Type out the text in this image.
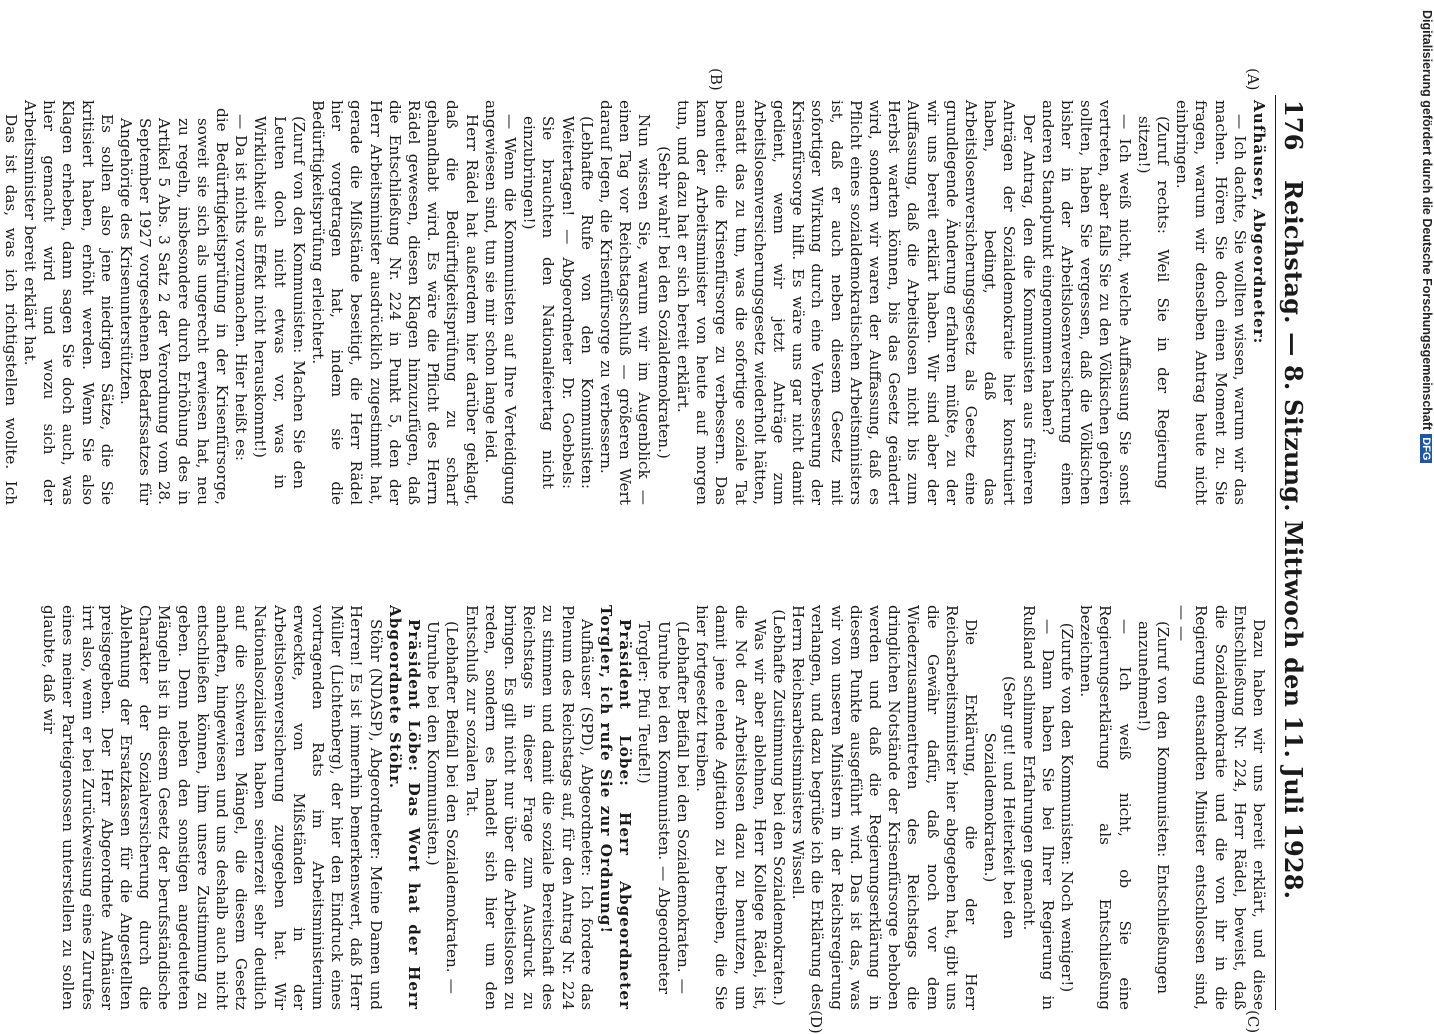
176
Reichstag. — 8. Sitzung. Mittwoch den 11. Juli 1928.
(A)
(B)
(C)
(D)

Aufhäuser, Abgeordneter:

— Ich dachte, Sie wollten wissen, warum wir das machen. Hören Sie doch einen Moment zu. Sie fragen, warum wir denselben Antrag heute nicht einbringen.

(Zuruf rechts: Weil Sie in der Regierung sitzen!)

— Ich weiß nicht, welche Auffassung Sie sonst vertreten, aber falls Sie zu den Völkischen gehören sollten, haben Sie vergessen, daß die Völkischen bisher in der Arbeitslosenversicherung einen anderen Standpunkt eingenommen haben?

Der Antrag, den die Kommunisten aus früheren Anträgen der Sozialdemokratie hier konstruiert haben, bedingt, daß das Arbeitslosenversicherungsgesetz als Gesetz eine grundlegende Änderung erfahren müßte, zu der wir uns bereit erklärt haben. Wir sind aber der Auffassung, daß die Arbeitslosen nicht bis zum Herbst warten können, bis das Gesetz geändert wird, sondern wir waren der Auffassung, daß es Pflicht eines sozialdemokratischen Arbeitsministers ist, daß er auch neben diesem Gesetz mit sofortiger Wirkung durch eine Verbesserung der Krisenfürsorge hilft. Es wäre uns gar nicht damit gedient, wenn wir jetzt Anträge zum Arbeitslosenversicherungsgesetz wiederholt hätten, anstatt das zu tun, was die sofortige soziale Tat bedeutet: die Krisenfürsorge zu verbessern. Das kann der Arbeitsminister von heute auf morgen tun, und dazu hat er sich bereit erklärt.

(Sehr wahr! bei den Sozialdemokraten.)

Nun wissen Sie, warum wir im Augenblick — einen Tag vor Reichstagsschluß — größeren Wert darauf legen, die Krisenfürsorge zu verbessern.

(Lebhafte Rufe von den Kommunisten: Weitertagen! — Abgeordneter Dr. Goebbels: Sie brauchten den Nationalfeiertag nicht einzubringen!)

— Wenn die Kommunisten auf Ihre Verteidigung angewiesen sind, tun sie mir schon lange leid.

Herr Rädel hat außerdem hier darüber geklagt, daß die Bedürftigkeitsprüfung zu scharf gehandhabt wird. Es wäre die Pflicht des Herrn Rädel gewesen, diesen Klagen hinzuzufügen, daß die Entschließung Nr. 224 in Punkt 5, den der Herr Arbeitsminister ausdrücklich zugestimmt hat, gerade die Mißstände beseitigt, die Herr Rädel hier vorgetragen hat, indem sie die Bedürftigkeitsprüfung erleichtert.

(Zuruf von den Kommunisten: Machen Sie den Leuten doch nicht etwas vor, was in Wirklichkeit als Effekt nicht herauskommt!)

— Da ist nichts vorzumachen. Hier heißt es:

die Bedürftigkeitsprüfung in der Krisenfürsorge, soweit sie sich als ungerecht erwiesen hat, neu zu regeln, insbesondere durch Erhöhung des in Artikel 5 Abs. 3 Satz 2 der Verordnung vom 28. September 1927 vorgesehenen Bedarfssatzes für Angehörige des Krisenunterstützten.

Es sollen also jene niedrigen Sätze, die Sie kritisiert haben, erhöht werden. Wenn Sie also Klagen erheben, dann sagen Sie doch auch, was hier gemacht wird und wozu sich der Arbeitsminister bereit erklärt hat.

Das ist das, was ich richtigstellen wollte. Ich

Dazu haben wir uns bereit erklärt, und diese Entschließung Nr. 224, Herr Rädel, beweist, daß die Sozialdemokratie und die von ihr in die Regierung entsandten Minister entschlossen sind, — —

(Zuruf von den Kommunisten: Entschließungen anzunehmen!)

— Ich weiß nicht, ob Sie eine Regierungserklärung als Entschließung bezeichnen.

(Zurufe von den Kommunisten: Noch weniger!)

— Dann haben Sie bei Ihrer Regierung in Rußland schlimme Erfahrungen gemacht.

(Sehr gut! und Heiterkeit bei den Sozialdemokraten.)

Die Erklärung, die der Herr Reichsarbeitsminister hier abgegeben hat, gibt uns die Gewähr dafür, daß noch vor dem Wiederzusammentreten des Reichstags die dringlichen Notstände der Krisenfürsorge behoben werden und daß die Regierungserklärung in diesem Punkte ausgeführt wird. Das ist das, was wir von unseren Ministern in der Reichsregierung verlangen, und dazu begrüße ich die Erklärung des Herrn Reichsarbeitsministers Wissell.

(Lebhafte Zustimmung bei den Sozialdemokraten.)

Was wir aber ablehnen, Herr Kollege Rädel, ist, die Not der Arbeitslosen dazu zu benutzen, um damit jene elende Agitation zu betreiben, die Sie hier fortgesetzt treiben.

(Lebhafter Beifall bei den Sozialdemokraten. — Unruhe bei den Kommunisten. — Abgeordneter Torgler: Pfui Teufel!)

Präsident Löbe: Herr Abgeordneter Torgler, ich rufe Sie zur Ordnung!

Aufhäuser (SPD), Abgeordneter: Ich fordere das Plenum des Reichstags auf, für den Antrag Nr. 224 zu stimmen und damit die soziale Bereitschaft des Reichstags in dieser Frage zum Ausdruck zu bringen. Es gilt nicht nur über die Arbeitslosen zu reden, sondern es handelt sich hier um den Entschluß zur sozialen Tat.

(Lebhafter Beifall bei den Sozialdemokraten. — Unruhe bei den Kommunisten.)

Präsident Löbe: Das Wort hat der Herr Abgeordnete Stöhr.

Stöhr (NDASP), Abgeordneter: Meine Damen und Herren! Es ist immerhin bemerkenswert, daß Herr Müller (Lichtenberg), der hier den Eindruck eines vortragenden Rats im Arbeitsministerium erweckte, von Mißständen in der Arbeitslosenversicherung zugegeben hat. Wir Nationalsozialisten haben seinerzeit sehr deutlich auf die schweren Mängel, die diesem Gesetz anhaften, hingewiesen und uns deshalb auch nicht entschließen können, ihm unsere Zustimmung zu geben. Denn neben den sonstigen angedeuteten Mängeln ist in diesem Gesetz der berufsständische Charakter der Sozialversicherung durch die Ablehnung der Ersatzkassen für die Angestellten preisgegeben. Der Herr Abgeordnete Aufhäuser irrt also, wenn er bei Zurückweisung eines Zurufes eines meiner Parteigenossen unterstellen zu sollen glaubte, daß wir

Digitalisierung gefördert durch die Deutsche ForschungsgemeinschaftDFG
